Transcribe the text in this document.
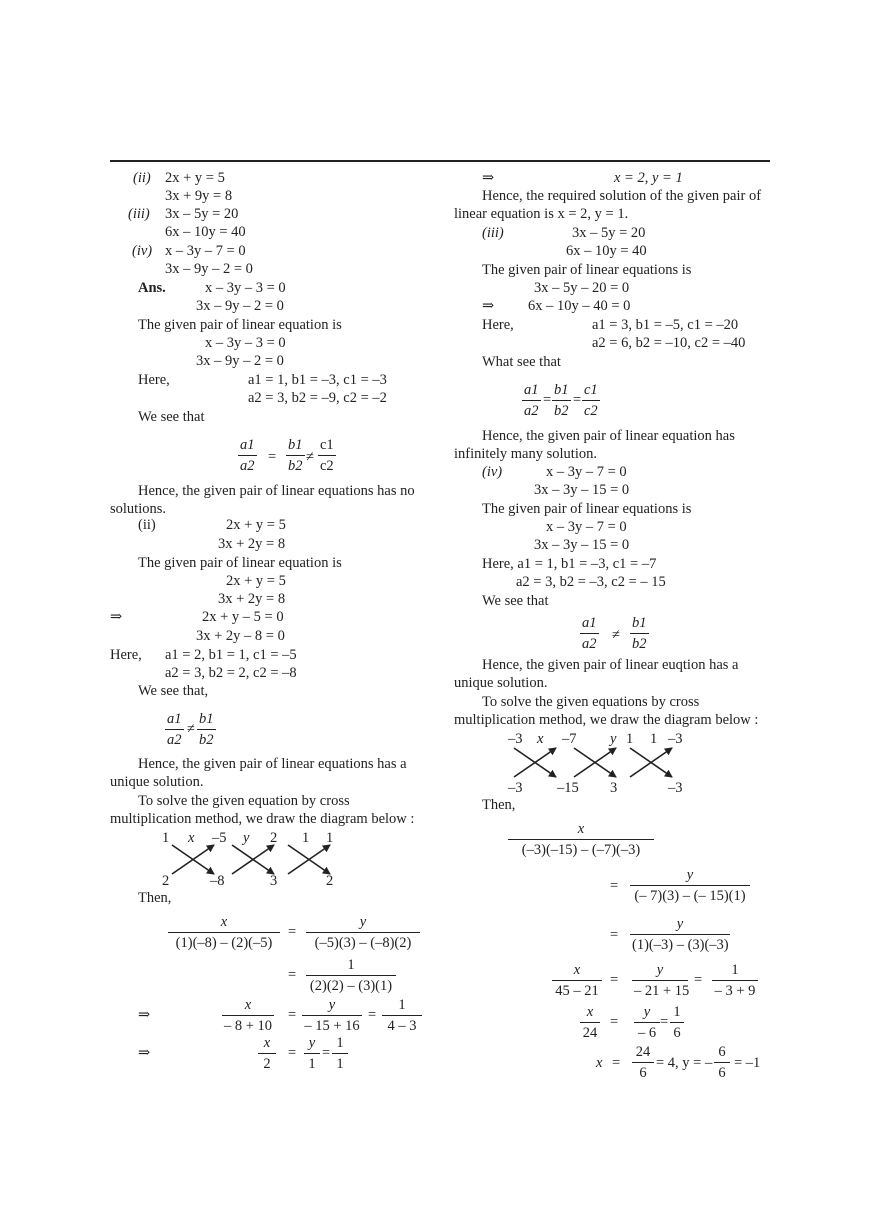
(ii) 2x + y = 5
3x + 9y = 8
(iii) 3x – 5y = 20
6x – 10y = 40
(iv) x – 3y – 7 = 0
3x – 9y – 2 = 0
Ans.	x – 3y – 3 = 0
3x – 9y – 2 = 0
The given pair of linear equation is
x – 3y – 3 = 0
3x – 9y – 2 = 0
Here,	a1 = 1, b1 = –3, c1 = –3
a2 = 3, b2 = –9, c2 = –2
We see that
$\frac{a1}{a2} = \frac{b1}{b2} \ne \frac{c1}{c2}$
Hence, the given pair of linear equations has no
solutions.
(ii)	2x + y = 5
3x + 2y = 8
The given pair of linear equation is
2x + y = 5
3x + 2y = 8
⇒	2x + y – 5 = 0
3x + 2y – 8 = 0
Here, a1 = 2, b1 = 1, c1 = –5
a2 = 3, b2 = 2, c2 = –8
We see that,
$\frac{a1}{a2} \ne \frac{b1}{b2}$
Hence, the given pair of linear equations has a
unique solution.
To solve the given equation by cross
multiplication method, we draw the diagram below :
1 x –5 y 2 1 1
2	–8	3	2
Then,
$\frac{x}{(1)(-8) - (2)(-5)} = \frac{y}{(-5)(3) - (-8)(2)}$
= $\frac{1}{(2)(2) - (3)(1)}$
⇒	$\frac{x}{- 8 + 10} = \frac{y}{- 15 + 16} = \frac{1}{4 - 3}$
⇒	$\frac{x}{2} = \frac{y}{1} = \frac{1}{1}$
⇒	x = 2, y = 1
Hence, the required solution of the given pair of
linear equation is x = 2, y = 1.
(iii)	3x – 5y = 20
6x – 10y = 40
The given pair of linear equations is
3x – 5y – 20 = 0
⇒ 6x – 10y – 40 = 0
Here,	a1 = 3, b1 = –5, c1 = –20
a2 = 6, b2 = –10, c2 = –40
What see that
$\frac{a1}{a2} = \frac{b1}{b2} = \frac{c1}{c2}$
Hence, the given pair of linear equation has
infinitely many solution.
(iv)	x – 3y – 7 = 0
3x – 3y – 15 = 0
The given pair of linear equations is
x – 3y – 7 = 0
3x – 3y – 15 = 0
Here, a1 = 1, b1 = –3, c1 = –7
a2 = 3, b2 = –3, c2 = – 15
We see that
$\frac{a1}{a2} \ne \frac{b1}{b2}$
Hence, the given pair of linear euqtion has a
unique solution.
To solve the given equations by cross
multiplication method, we draw the diagram below :
–3 x –7 y 1 1 –3
–3 –15 3	–3
Then,
$\frac{x}{(-3)(-15) - (-7)(-3)}$
= $\frac{y}{(- 7)(3) - (- 15)(1)}$
= $\frac{y}{(1)(-3) - (3)(-3)}$
$\frac{x}{45 - 21} = \frac{y}{- 21 + 15} = \frac{1}{- 3 + 9}$
$\frac{x}{24} = \frac{y}{- 6} = \frac{1}{6}$
$x = \frac{24}{6} = 4$, y = – $\frac{6}{6} = -1$
